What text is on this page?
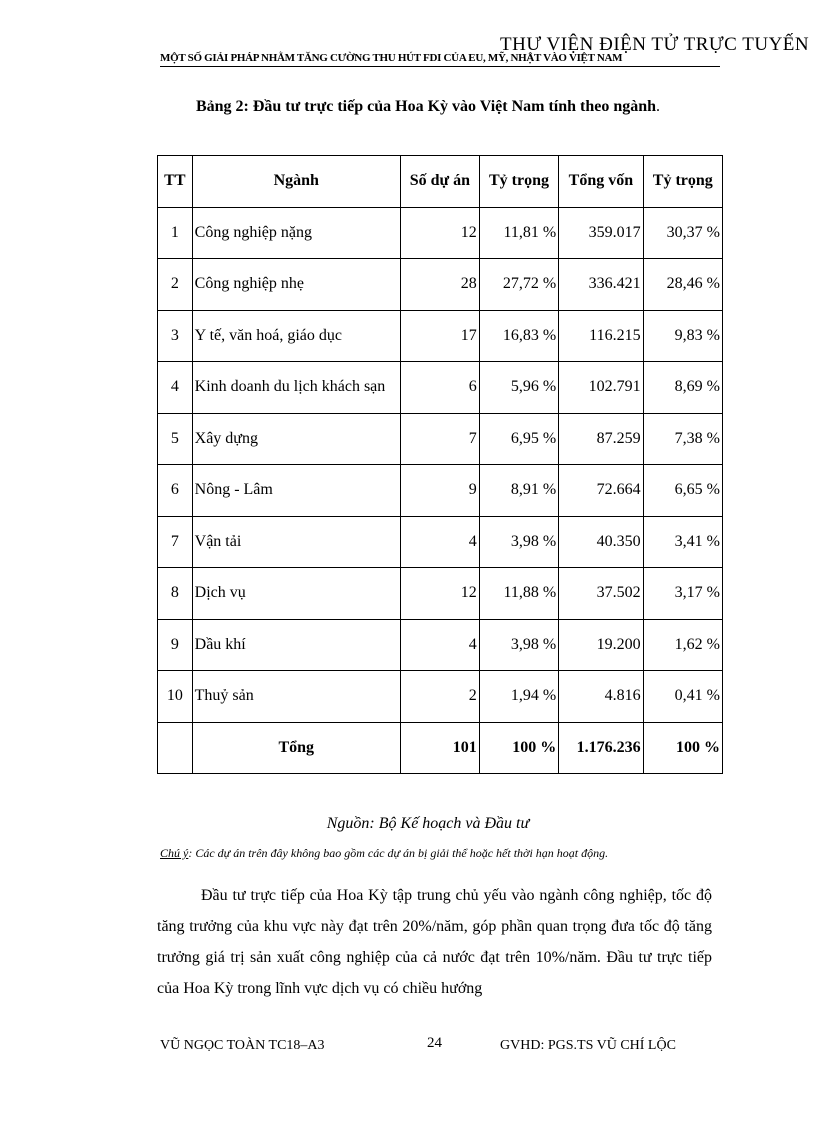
THƯ VIỆN ĐIỆN TỬ TRỰC TUYẾN
MỘT SỐ GIẢI PHÁP NHẰM TĂNG CƯỜNG THU HÚT FDI CỦA EU, MỸ, NHẬT VÀO VIỆT NAM
Bảng 2: Đầu tư trực tiếp của Hoa Kỳ vào Việt Nam tính theo ngành.
TT	Ngành	Số dự án	Tỷ trọng	Tổng vốn	Tỷ trọng
1	Công nghiệp nặng	12	11,81 %	359.017	30,37 %
2	Công nghiệp nhẹ	28	27,72 %	336.421	28,46 %
3	Y tế, văn hoá, giáo dục	17	16,83 %	116.215	9,83 %
4	Kinh doanh du lịch khách sạn	6	5,96 %	102.791	8,69 %
5	Xây dựng	7	6,95 %	87.259	7,38 %
6	Nông - Lâm	9	8,91 %	72.664	6,65 %
7	Vận tải	4	3,98 %	40.350	3,41 %
8	Dịch vụ	12	11,88 %	37.502	3,17 %
9	Dầu khí	4	3,98 %	19.200	1,62 %
10	Thuỷ sản	2	1,94 %	4.816	0,41 %
	Tổng	101	100 %	1.176.236	100 %
Nguồn: Bộ Kế hoạch và Đầu tư
Chú ý: Các dự án trên đây không bao gồm các dự án bị giải thể hoặc hết thời hạn hoạt động.

Đầu tư trực tiếp của Hoa Kỳ tập trung chủ yếu vào ngành công nghiệp, tốc độ tăng trưởng của khu vực này đạt trên 20%/năm, góp phần quan trọng đưa tốc độ tăng trưởng giá trị sản xuất công nghiệp của cả nước đạt trên 10%/năm. Đầu tư trực tiếp của Hoa Kỳ trong lĩnh vực dịch vụ có chiều hướng

VŨ NGỌC TOÀN TC18–A3	24	GVHD: PGS.TS VŨ CHÍ LỘC
